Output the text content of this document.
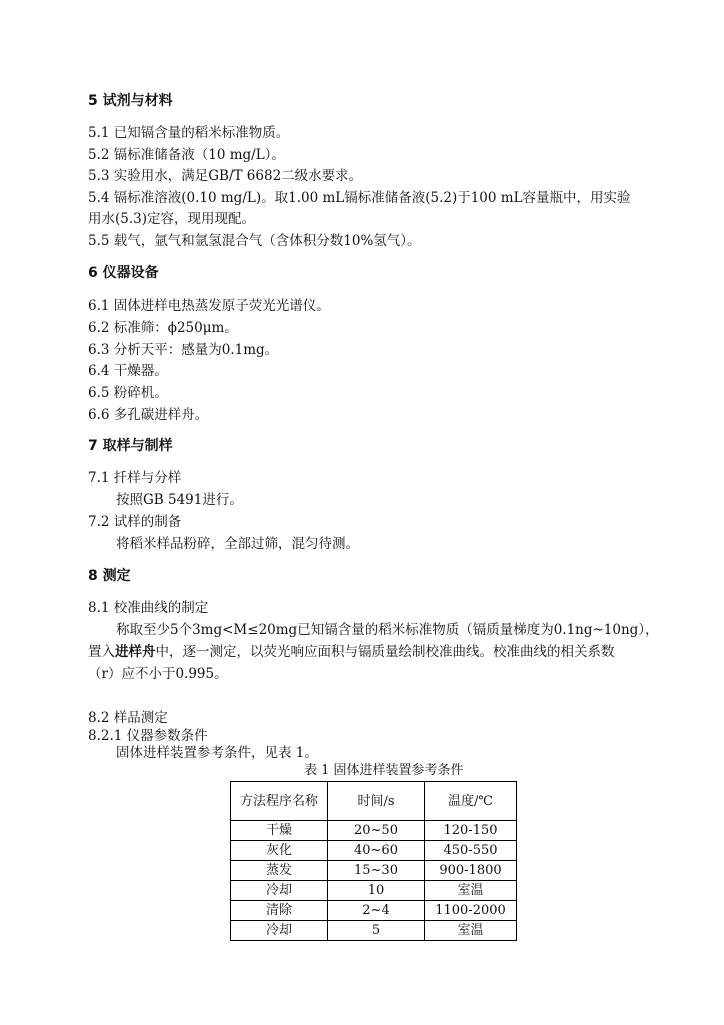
5 试剂与材料
5.1 已知镉含量的稻米标准物质。
5.2 镉标准储备液（10 mg/L）。
5.3 实验用水，满足GB/T 6682二级水要求。
5.4 镉标准溶液(0.10 mg/L)。取1.00 mL镉标准储备液(5.2)于100 mL容量瓶中，用实验
用水(5.3)定容，现用现配。
5.5 载气，氩气和氩氢混合气（含体积分数10%氢气）。
6 仪器设备
6.1 固体进样电热蒸发原子荧光光谱仪。
6.2 标准筛：ϕ250μm。
6.3 分析天平：感量为0.1mg。
6.4 干燥器。
6.5 粉碎机。
6.6 多孔碳进样舟。
7 取样与制样
7.1 扦样与分样
按照GB 5491进行。
7.2 试样的制备
将稻米样品粉碎，全部过筛，混匀待测。
8 测定
8.1 校准曲线的制定
称取至少5个3mg<M≤20mg已知镉含量的稻米标准物质（镉质量梯度为0.1ng~10ng），
置入进样舟中，逐一测定，以荧光响应面积与镉质量绘制校准曲线。校准曲线的相关系数
（r）应不小于0.995。
8.2 样品测定
8.2.1 仪器参数条件
固体进样装置参考条件，见表 1。
表 1 固体进样装置参考条件
方法程序名称	时间/s	温度/℃
干燥	20~50	120-150
灰化	40~60	450-550
蒸发	15~30	900-1800
冷却	10	室温
清除	2~4	1100-2000
冷却	5	室温
